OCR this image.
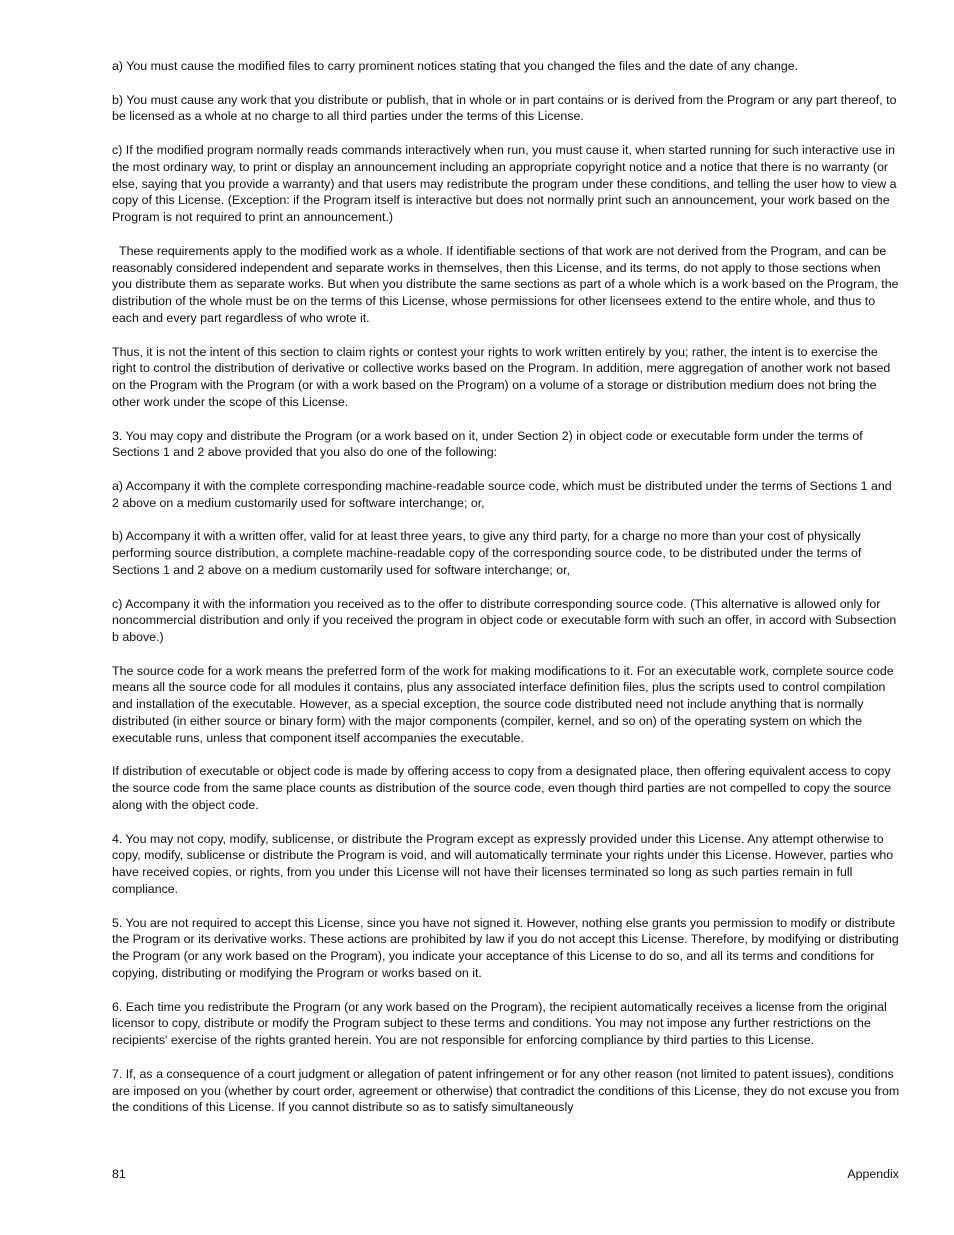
a) You must cause the modified files to carry prominent notices stating that you changed the files and the date of any change.

b) You must cause any work that you distribute or publish, that in whole or in part contains or is derived from the Program or any part thereof, to be licensed as a whole at no charge to all third parties under the terms of this License.

c) If the modified program normally reads commands interactively when run, you must cause it, when started running for such interactive use in the most ordinary way, to print or display an announcement including an appropriate copyright notice and a notice that there is no warranty (or else, saying that you provide a warranty) and that users may redistribute the program under these conditions, and telling the user how to view a copy of this License. (Exception: if the Program itself is interactive but does not normally print such an announcement, your work based on the Program is not required to print an announcement.)

These requirements apply to the modified work as a whole. If identifiable sections of that work are not derived from the Program, and can be reasonably considered independent and separate works in themselves, then this License, and its terms, do not apply to those sections when you distribute them as separate works. But when you distribute the same sections as part of a whole which is a work based on the Program, the distribution of the whole must be on the terms of this License, whose permissions for other licensees extend to the entire whole, and thus to each and every part regardless of who wrote it.

Thus, it is not the intent of this section to claim rights or contest your rights to work written entirely by you; rather, the intent is to exercise the right to control the distribution of derivative or collective works based on the Program. In addition, mere aggregation of another work not based on the Program with the Program (or with a work based on the Program) on a volume of a storage or distribution medium does not bring the other work under the scope of this License.

3. You may copy and distribute the Program (or a work based on it, under Section 2) in object code or executable form under the terms of Sections 1 and 2 above provided that you also do one of the following:

a) Accompany it with the complete corresponding machine-readable source code, which must be distributed under the terms of Sections 1 and 2 above on a medium customarily used for software interchange; or,

b) Accompany it with a written offer, valid for at least three years, to give any third party, for a charge no more than your cost of physically performing source distribution, a complete machine-readable copy of the corresponding source code, to be distributed under the terms of Sections 1 and 2 above on a medium customarily used for software interchange; or,

c) Accompany it with the information you received as to the offer to distribute corresponding source code. (This alternative is allowed only for noncommercial distribution and only if you received the program in object code or executable form with such an offer, in accord with Subsection b above.)

The source code for a work means the preferred form of the work for making modifications to it. For an executable work, complete source code means all the source code for all modules it contains, plus any associated interface definition files, plus the scripts used to control compilation and installation of the executable. However, as a special exception, the source code distributed need not include anything that is normally distributed (in either source or binary form) with the major components (compiler, kernel, and so on) of the operating system on which the executable runs, unless that component itself accompanies the executable.

If distribution of executable or object code is made by offering access to copy from a designated place, then offering equivalent access to copy the source code from the same place counts as distribution of the source code, even though third parties are not compelled to copy the source along with the object code.

4. You may not copy, modify, sublicense, or distribute the Program except as expressly provided under this License. Any attempt otherwise to copy, modify, sublicense or distribute the Program is void, and will automatically terminate your rights under this License. However, parties who have received copies, or rights, from you under this License will not have their licenses terminated so long as such parties remain in full compliance.

5. You are not required to accept this License, since you have not signed it. However, nothing else grants you permission to modify or distribute the Program or its derivative works. These actions are prohibited by law if you do not accept this License. Therefore, by modifying or distributing the Program (or any work based on the Program), you indicate your acceptance of this License to do so, and all its terms and conditions for copying, distributing or modifying the Program or works based on it.

6. Each time you redistribute the Program (or any work based on the Program), the recipient automatically receives a license from the original licensor to copy, distribute or modify the Program subject to these terms and conditions. You may not impose any further restrictions on the recipients' exercise of the rights granted herein. You are not responsible for enforcing compliance by third parties to this License.

7. If, as a consequence of a court judgment or allegation of patent infringement or for any other reason (not limited to patent issues), conditions are imposed on you (whether by court order, agreement or otherwise) that contradict the conditions of this License, they do not excuse you from the conditions of this License. If you cannot distribute so as to satisfy simultaneously

81	Appendix
